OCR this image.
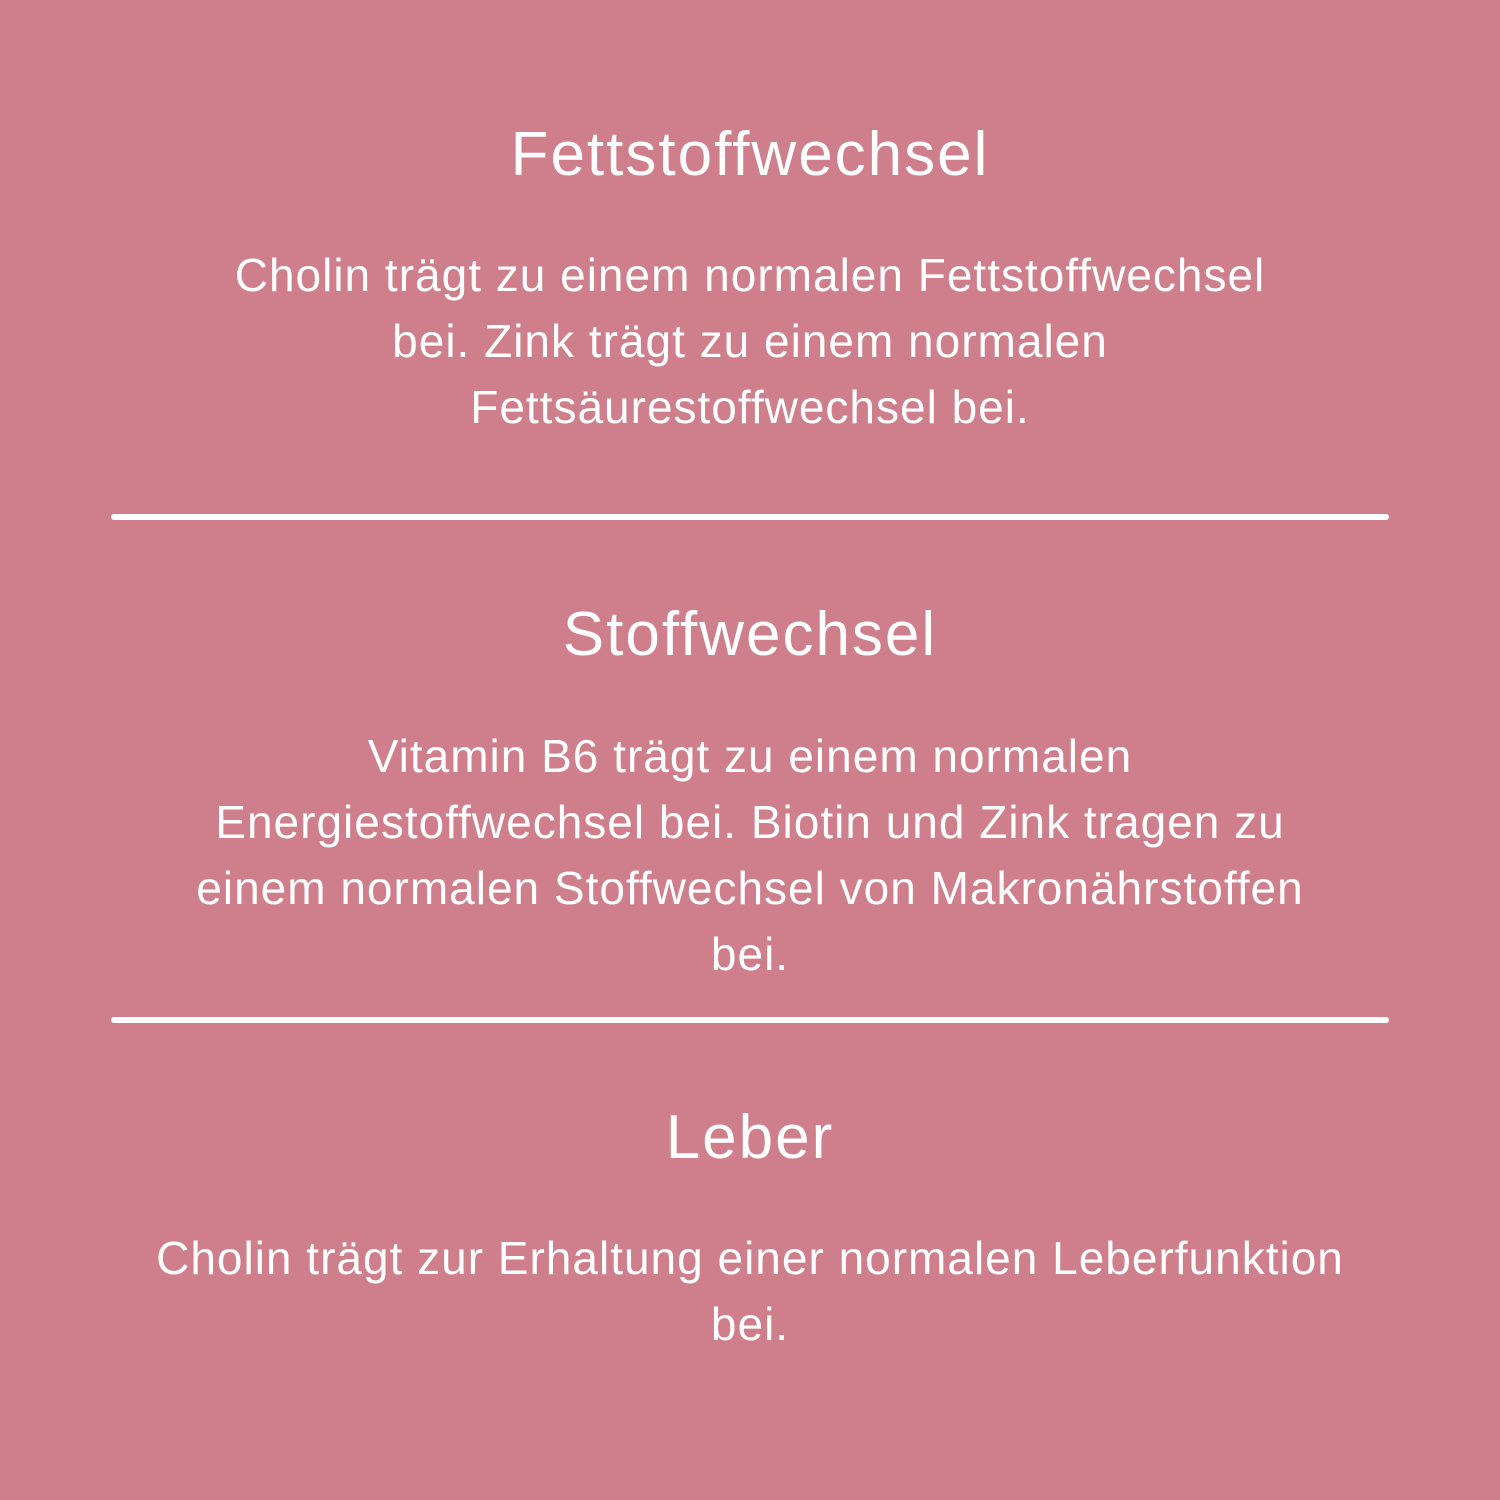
Fettstoffwechsel

Cholin trägt zu einem normalen Fettstoffwechsel bei. Zink trägt zu einem normalen Fettsäurestoffwechsel bei.

Stoffwechsel

Vitamin B6 trägt zu einem normalen Energiestoffwechsel bei. Biotin und Zink tragen zu einem normalen Stoffwechsel von Makronährstoffen bei.

Leber

Cholin trägt zur Erhaltung einer normalen Leberfunktion bei.
